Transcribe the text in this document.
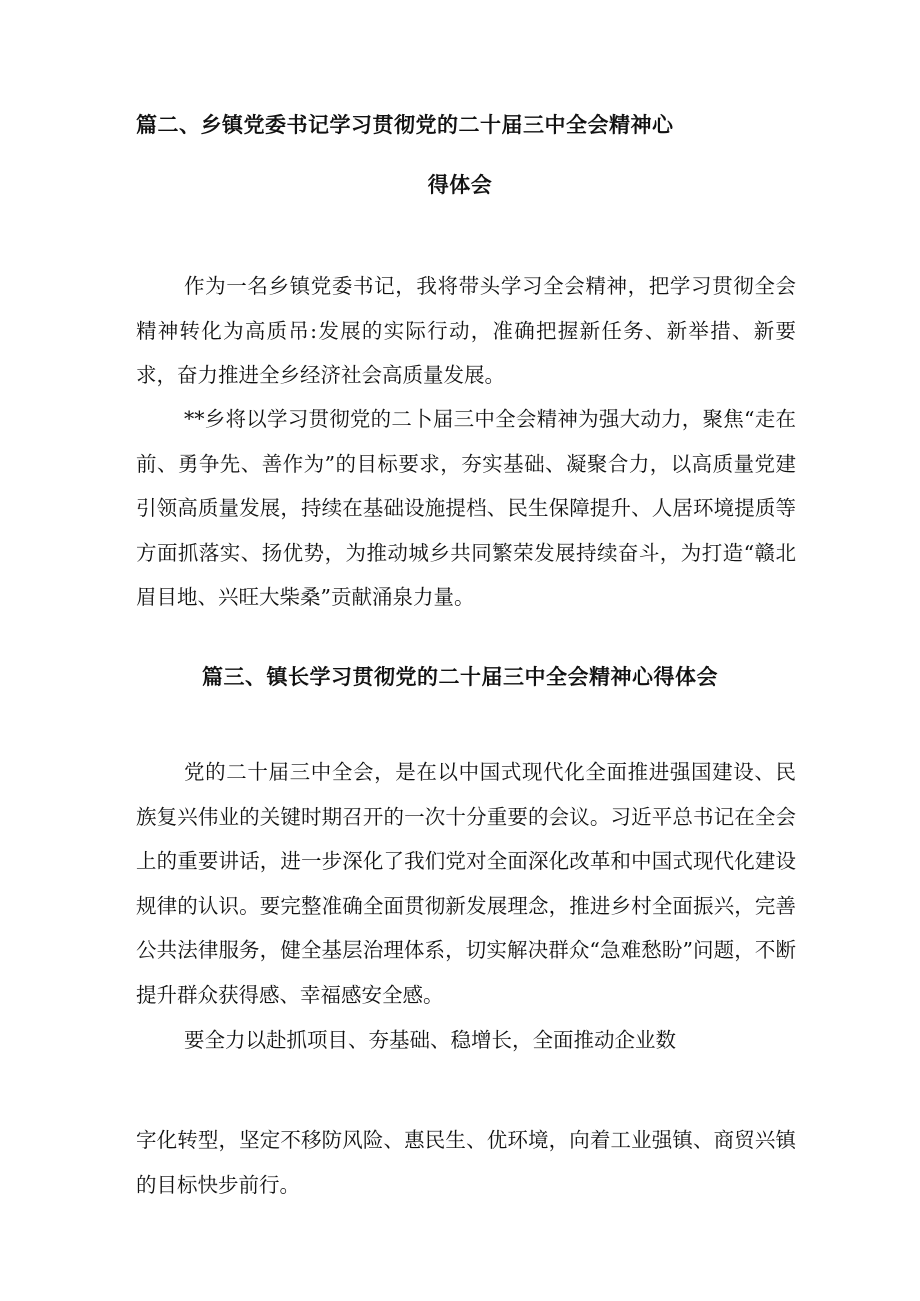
篇二、乡镇党委书记学习贯彻党的二十届三中全会精神心
得体会

作为一名乡镇党委书记，我将带头学习全会精神，把学习贯彻全会精神转化为高质吊:发展的实际行动，准确把握新任务、新举措、新要求，奋力推进全乡经济社会高质量发展。

**乡将以学习贯彻党的二卜届三中全会精神为强大动力，聚焦“走在前、勇争先、善作为”的目标要求，夯实基础、凝聚合力，以高质量党建引领高质量发展，持续在基础设施提档、民生保障提升、人居环境提质等方面抓落实、扬优势，为推动城乡共同繁荣发展持续奋斗，为打造“赣北眉目地、兴旺大柴桑”贡献涌泉力量。

篇三、镇长学习贯彻党的二十届三中全会精神心得体会

党的二十届三中全会，是在以中国式现代化全面推进强国建设、民族复兴伟业的关键时期召开的一次十分重要的会议。习近平总书记在全会上的重要讲话，进一步深化了我们党对全面深化改革和中国式现代化建设规律的认识。要完整准确全面贯彻新发展理念，推进乡村全面振兴，完善公共法律服务，健全基层治理体系，切实解决群众“急难愁盼”问题，不断提升群众获得感、幸福感安全感。

要全力以赴抓项目、夯基础、稳增长，全面推动企业数

字化转型，坚定不移防风险、惠民生、优环境，向着工业强镇、商贸兴镇的目标快步前行。
